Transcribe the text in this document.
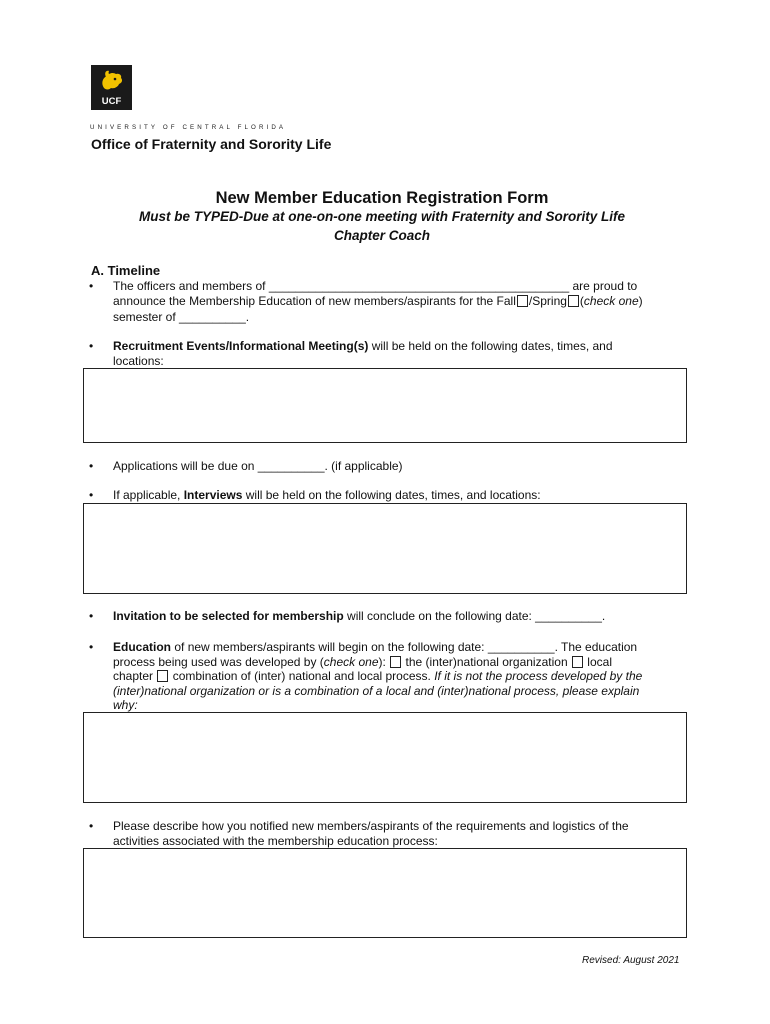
UCF
UNIVERSITY OF CENTRAL FLORIDA
Office of Fraternity and Sorority Life
New Member Education Registration Form
Must be TYPED-Due at one-on-one meeting with Fraternity and Sorority Life
Chapter Coach
A. Timeline
• The officers and members of _____________________________________________ are proud to
announce the Membership Education of new members/aspirants for the Fall /Spring (check one)
semester of __________.
• Recruitment Events/Informational Meeting(s) will be held on the following dates, times, and
locations:
• Applications will be due on __________. (if applicable)
• If applicable, Interviews will be held on the following dates, times, and locations:
• Invitation to be selected for membership will conclude on the following date: __________.
• Education of new members/aspirants will begin on the following date: __________. The education
process being used was developed by (check one):  the (inter)national organization  local
chapter  combination of (inter) national and local process. If it is not the process developed by the
(inter)national organization or is a combination of a local and (inter)national process, please explain
why:
• Please describe how you notified new members/aspirants of the requirements and logistics of the
activities associated with the membership education process:
Revised: August 2021
